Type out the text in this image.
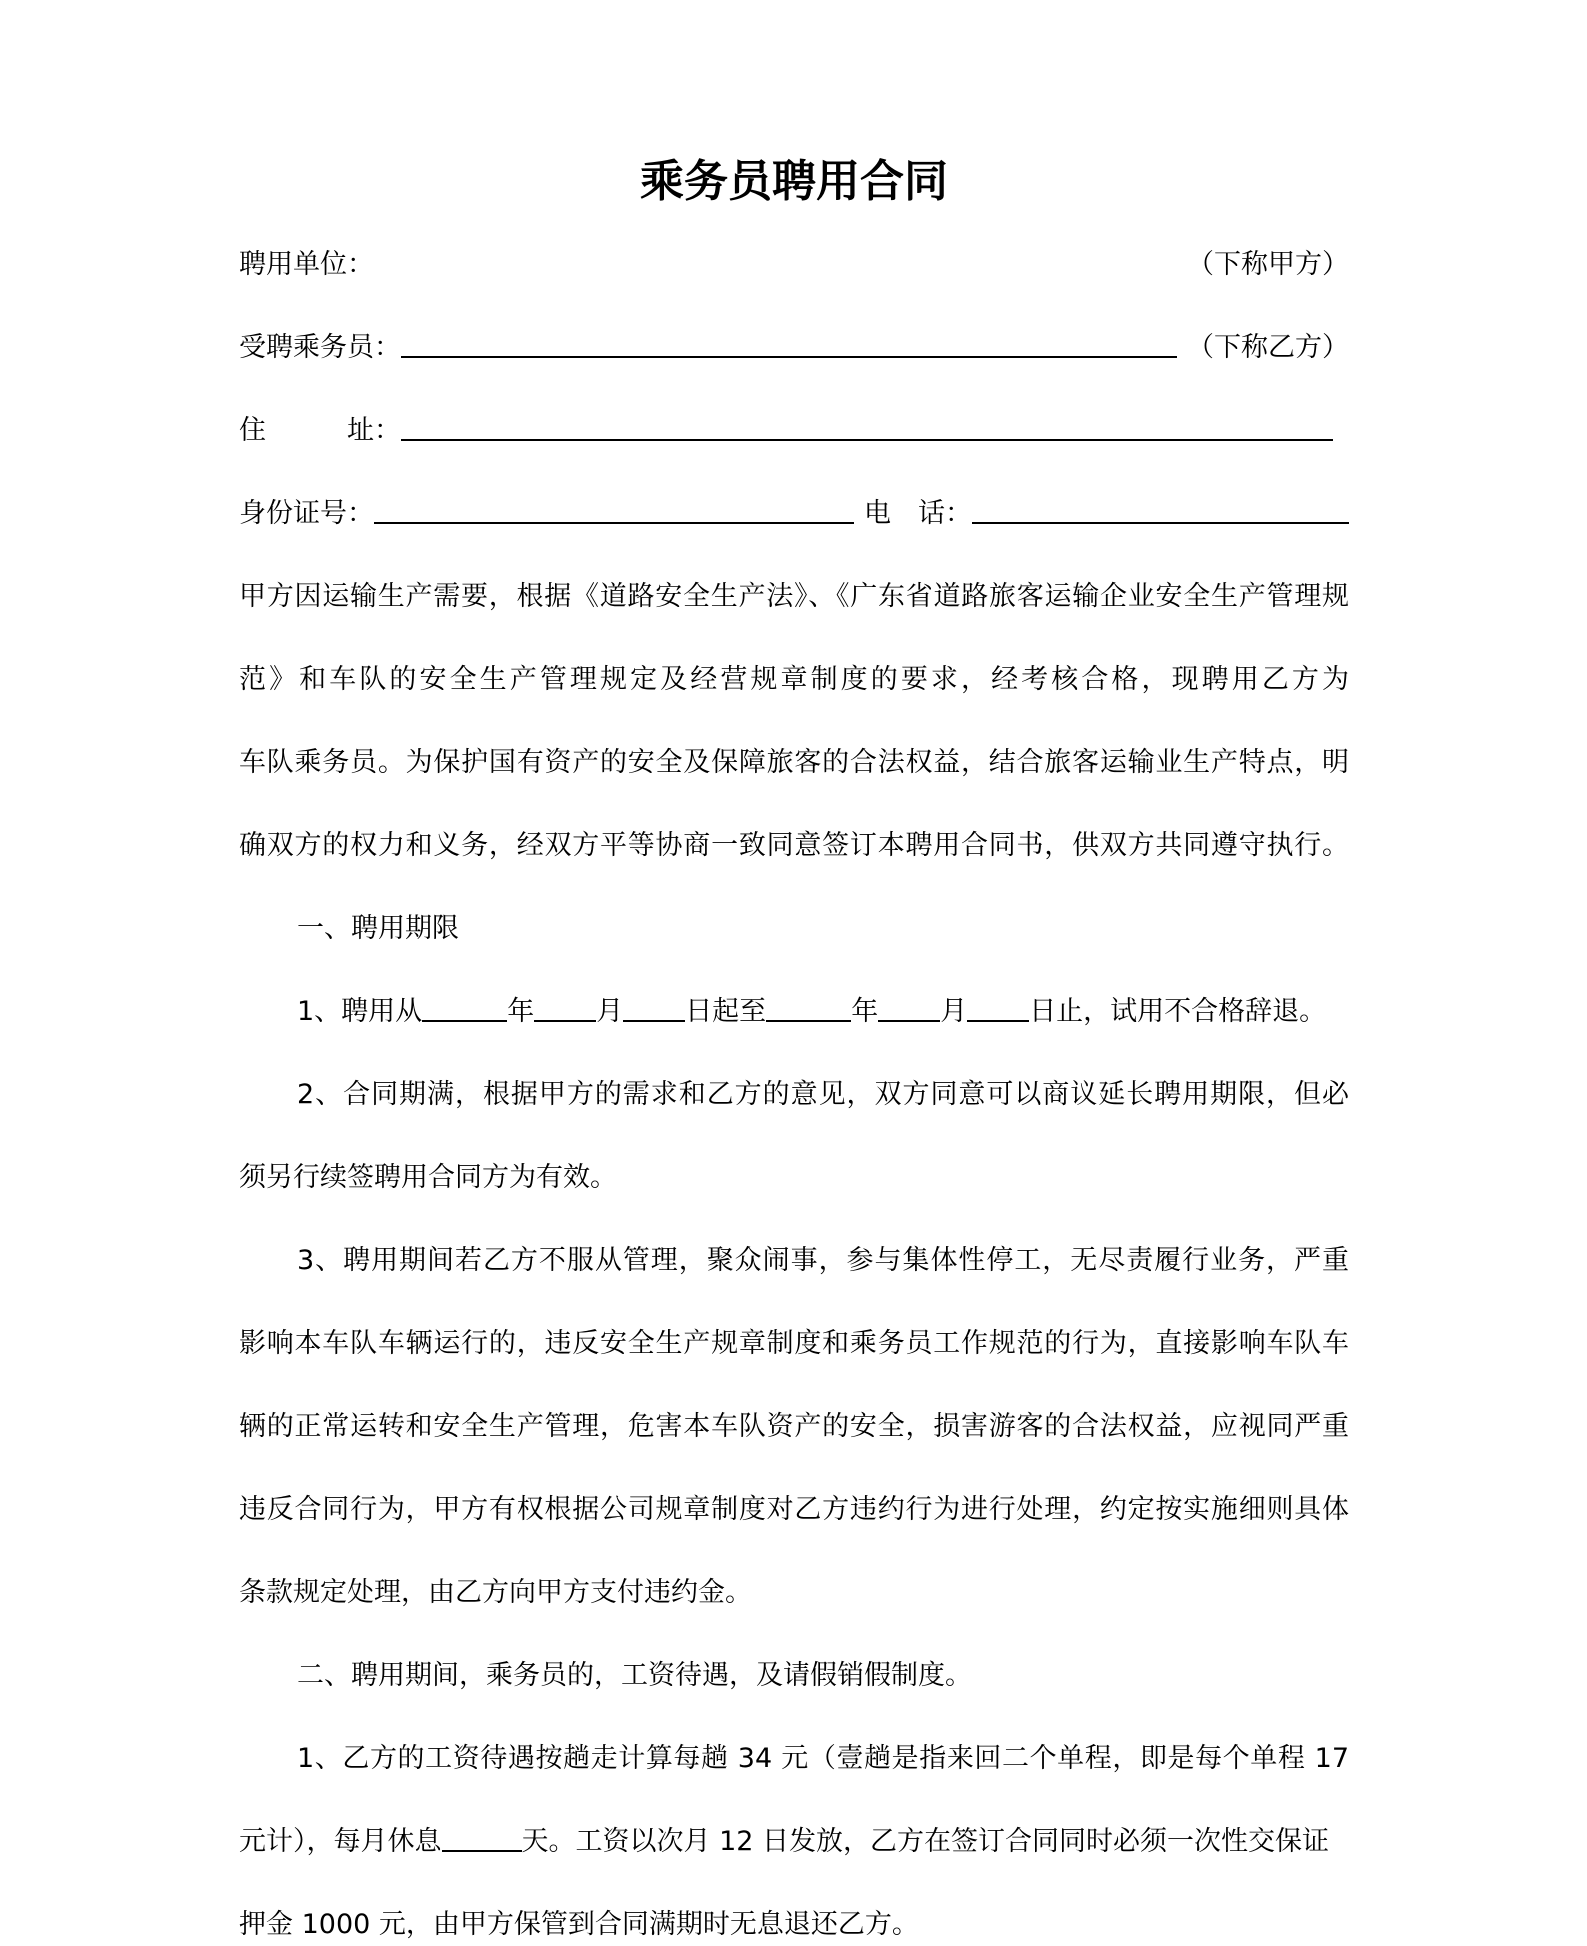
乘务员聘用合同
聘用单位：	（下称甲方）
受聘乘务员：	（下称乙方）
住　　　址：
身份证号：	电　话：
甲方因运输生产需要，根据《道路安全生产法》、《广东省道路旅客运输企业安全生产管理规
范》和车队的安全生产管理规定及经营规章制度的要求，经考核合格，现聘用乙方为
车队乘务员。为保护国有资产的安全及保障旅客的合法权益，结合旅客运输业生产特点，明
确双方的权力和义务，经双方平等协商一致同意签订本聘用合同书，供双方共同遵守执行。
一、聘用期限
1、聘用从	年 月 日起至	年 月 日止，试用不合格辞退。
2、合同期满，根据甲方的需求和乙方的意见，双方同意可以商议延长聘用期限，但必
须另行续签聘用合同方为有效。
3、聘用期间若乙方不服从管理，聚众闹事，参与集体性停工，无尽责履行业务，严重
影响本车队车辆运行的，违反安全生产规章制度和乘务员工作规范的行为，直接影响车队车
辆的正常运转和安全生产管理，危害本车队资产的安全，损害游客的合法权益，应视同严重
违反合同行为，甲方有权根据公司规章制度对乙方违约行为进行处理，约定按实施细则具体
条款规定处理，由乙方向甲方支付违约金。
二、聘用期间，乘务员的，工资待遇，及请假销假制度。
1、乙方的工资待遇按趟走计算每趟 34 元（壹趟是指来回二个单程，即是每个单程 17
元计），每月休息	天。工资以次月 12 日发放，乙方在签订合同同时必须一次性交保证
押金 1000 元，由甲方保管到合同满期时无息退还乙方。
